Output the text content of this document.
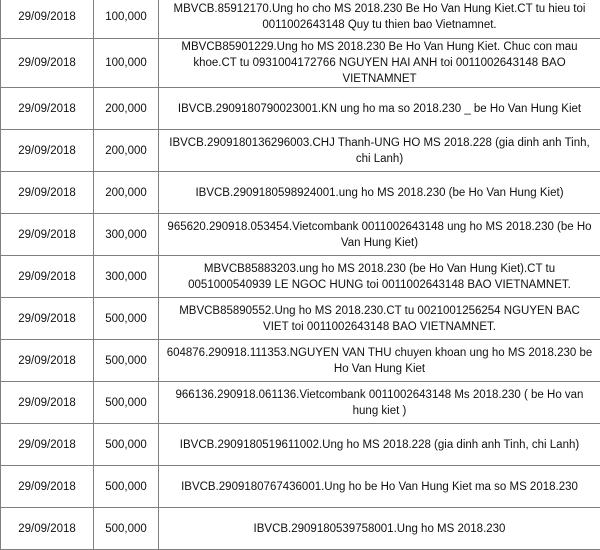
29/09/2018	100,000	MBVCB.85912170.Ung ho cho MS 2018.230 Be Ho Van Hung Kiet.CT tu hieu toi 0011002643148 Quy tu thien bao Vietnamnet.
29/09/2018	100,000	MBVCB85901229.Ung ho MS 2018.230 Be Ho Van Hung Kiet. Chuc con mau khoe.CT tu 0931004172766 NGUYEN HAI ANH toi 0011002643148 BAO VIETNAMNET
29/09/2018	200,000	IBVCB.2909180790023001.KN ung ho ma so 2018.230 _ be Ho Van Hung Kiet
29/09/2018	200,000	IBVCB.2909180136296003.CHJ Thanh-UNG HO MS 2018.228 (gia dinh anh Tinh, chi Lanh)
29/09/2018	200,000	IBVCB.2909180598924001.ung ho MS 2018.230 (be Ho Van Hung Kiet)
29/09/2018	300,000	965620.290918.053454.Vietcombank 0011002643148 ung ho MS 2018.230 (be Ho Van Hung Kiet)
29/09/2018	300,000	MBVCB85883203.ung ho MS 2018.230 (be Ho Van Hung Kiet).CT tu 0051000540939 LE NGOC HUNG toi 0011002643148 BAO VIETNAMNET.
29/09/2018	500,000	MBVCB85890552.Ung ho MS 2018.230.CT tu 0021001256254 NGUYEN BAC VIET toi 0011002643148 BAO VIETNAMNET.
29/09/2018	500,000	604876.290918.111353.NGUYEN VAN THU chuyen khoan ung ho MS 2018.230 be Ho Van Hung Kiet
29/09/2018	500,000	966136.290918.061136.Vietcombank 0011002643148 Ms 2018.230 ( be Ho van hung kiet )
29/09/2018	500,000	IBVCB.2909180519611002.Ung ho MS 2018.228 (gia dinh anh Tinh, chi Lanh)
29/09/2018	500,000	IBVCB.2909180767436001.Ung ho be Ho Van Hung Kiet ma so MS 2018.230
29/09/2018	500,000	IBVCB.2909180539758001.Ung ho MS 2018.230
